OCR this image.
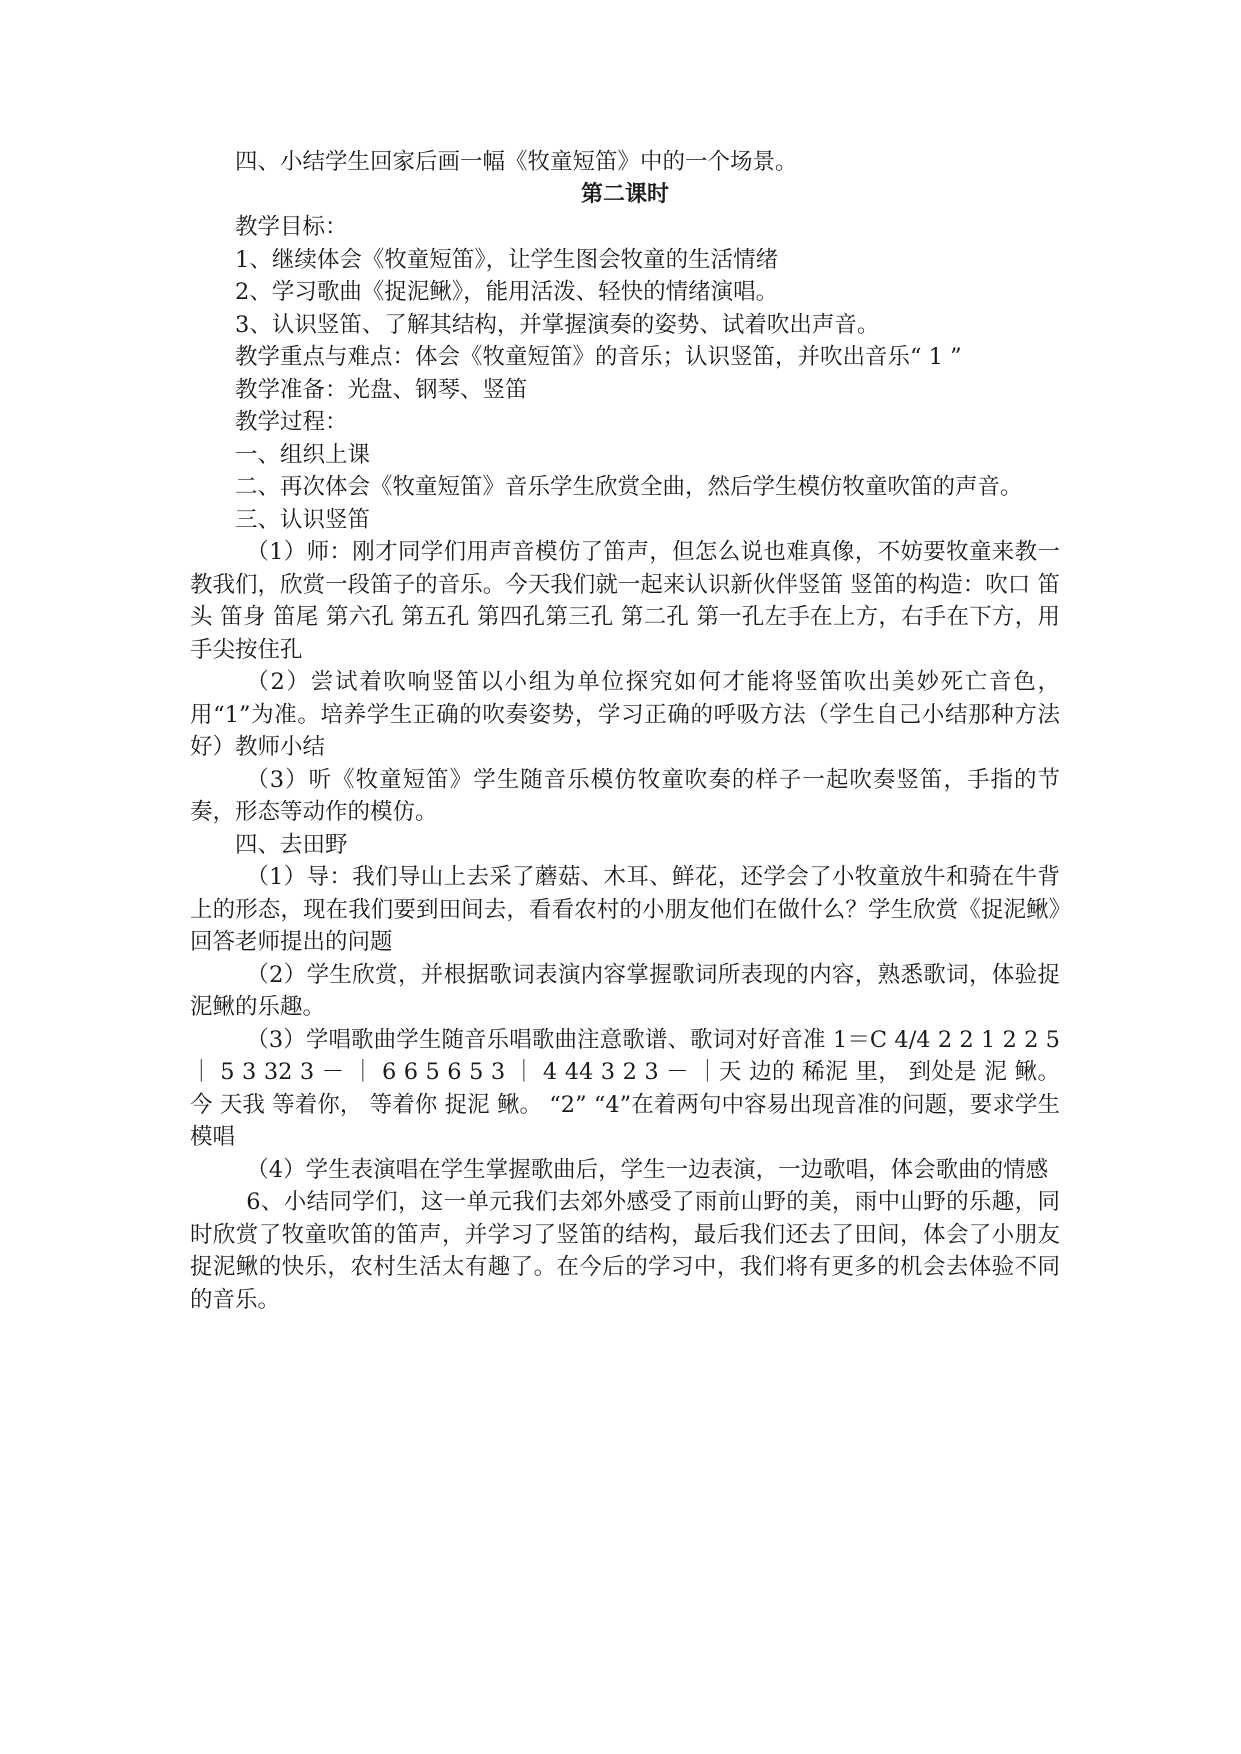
四、小结学生回家后画一幅《牧童短笛》中的一个场景。

第二课时

教学目标：

1、继续体会《牧童短笛》，让学生图会牧童的生活情绪

2、学习歌曲《捉泥鳅》，能用活泼、轻快的情绪演唱。

3、认识竖笛、了解其结构，并掌握演奏的姿势、试着吹出声音。

教学重点与难点：体会《牧童短笛》的音乐；认识竖笛，并吹出音乐“ 1 ”

教学准备：光盘、钢琴、竖笛

教学过程：

一、组织上课

二、再次体会《牧童短笛》音乐学生欣赏全曲，然后学生模仿牧童吹笛的声音。

三、认识竖笛

（1）师：刚才同学们用声音模仿了笛声，但怎么说也难真像，不妨要牧童来教一教我们，欣赏一段笛子的音乐。今天我们就一起来认识新伙伴竖笛 竖笛的构造：吹口 笛头 笛身 笛尾 第六孔 第五孔 第四孔第三孔 第二孔 第一孔左手在上方，右手在下方，用手尖按住孔

（2）尝试着吹响竖笛以小组为单位探究如何才能将竖笛吹出美妙死亡音色，用“1”为准。培养学生正确的吹奏姿势，学习正确的呼吸方法（学生自己小结那种方法好）教师小结

（3）听《牧童短笛》学生随音乐模仿牧童吹奏的样子一起吹奏竖笛，手指的节奏，形态等动作的模仿。

四、去田野

（1）导：我们导山上去采了蘑菇、木耳、鲜花，还学会了小牧童放牛和骑在牛背上的形态，现在我们要到田间去，看看农村的小朋友他们在做什么？学生欣赏《捉泥鳅》回答老师提出的问题

（2）学生欣赏，并根据歌词表演内容掌握歌词所表现的内容，熟悉歌词，体验捉泥鳅的乐趣。

（3）学唱歌曲学生随音乐唱歌曲注意歌谱、歌词对好音准 1＝C 4/4 2 2 1 2 2 5 ｜ 5 3 32 3 － ｜ 6 6 5 6 5 3 ｜ 4 44 3 2 3 － ｜天 边的 稀泥 里， 到处是 泥 鳅。 今 天我 等着你， 等着你 捉泥 鳅。 “2” “4”在着两句中容易出现音准的问题，要求学生模唱

（4）学生表演唱在学生掌握歌曲后，学生一边表演，一边歌唱，体会歌曲的情感

6、小结同学们，这一单元我们去郊外感受了雨前山野的美，雨中山野的乐趣，同时欣赏了牧童吹笛的笛声，并学习了竖笛的结构，最后我们还去了田间，体会了小朋友捉泥鳅的快乐，农村生活太有趣了。在今后的学习中，我们将有更多的机会去体验不同的音乐。
